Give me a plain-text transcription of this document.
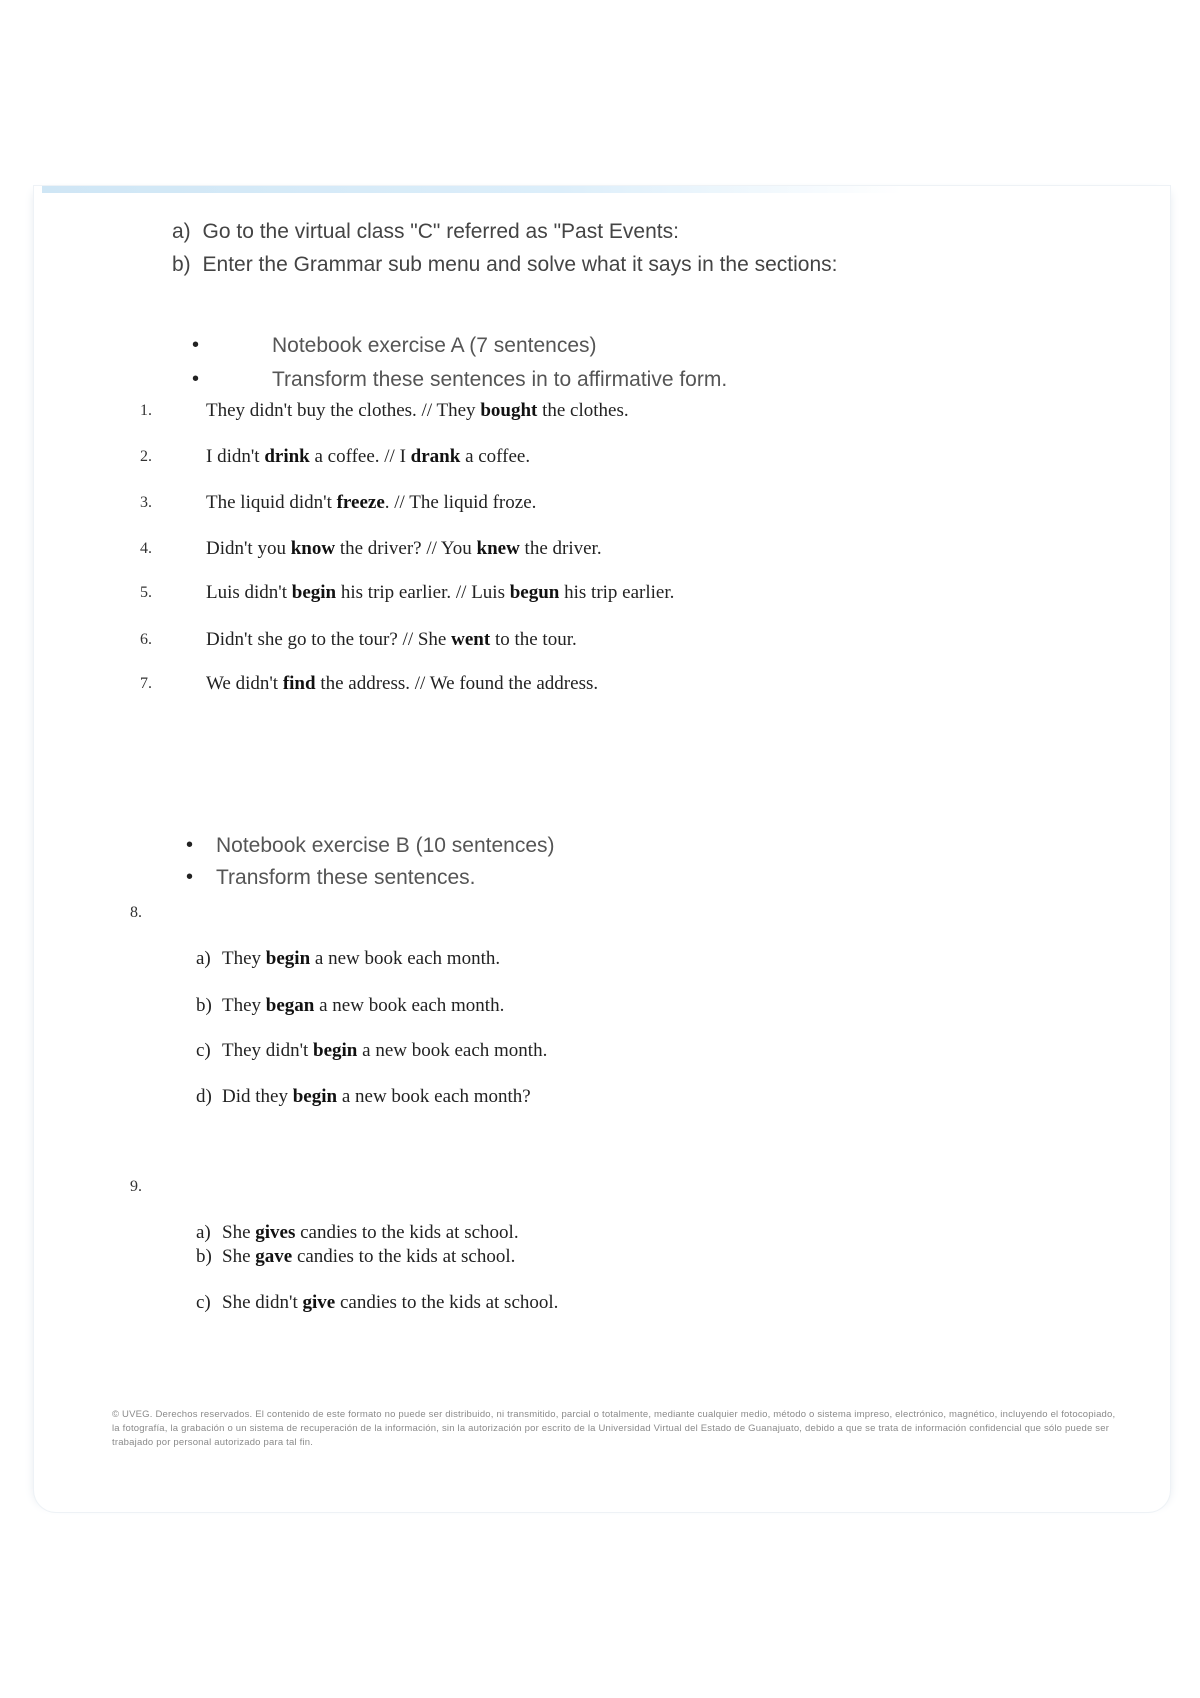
a) Go to the virtual class "C" referred as "Past Events:
b) Enter the Grammar sub menu and solve what it says in the sections:
•	Notebook exercise A (7 sentences)
•	Transform these sentences in to affirmative form.
1.	They didn't buy the clothes. // They bought the clothes.
2.	I didn't drink a coffee. // I drank a coffee.
3.	The liquid didn't freeze. // The liquid froze.
4.	Didn't you know the driver? // You knew the driver.
5.	Luis didn't begin his trip earlier. // Luis begun his trip earlier.
6.	Didn't she go to the tour? // She went to the tour.
7.	We didn't find the address. // We found the address.
• Notebook exercise B (10 sentences)
• Transform these sentences.
8.
a) They begin a new book each month.
b) They began a new book each month.
c) They didn't begin a new book each month.
d) Did they begin a new book each month?
9.
a) She gives candies to the kids at school.
b) She gave candies to the kids at school.
c) She didn't give candies to the kids at school.
© UVEG. Derechos reservados. El contenido de este formato no puede ser distribuido, ni transmitido, parcial o totalmente, mediante cualquier medio, método o sistema impreso, electrónico, magnético, incluyendo el fotocopiado, la fotografía, la grabación o un sistema de recuperación de la información, sin la autorización por escrito de la Universidad Virtual del Estado de Guanajuato, debido a que se trata de información confidencial que sólo puede ser trabajado por personal autorizado para tal fin.
